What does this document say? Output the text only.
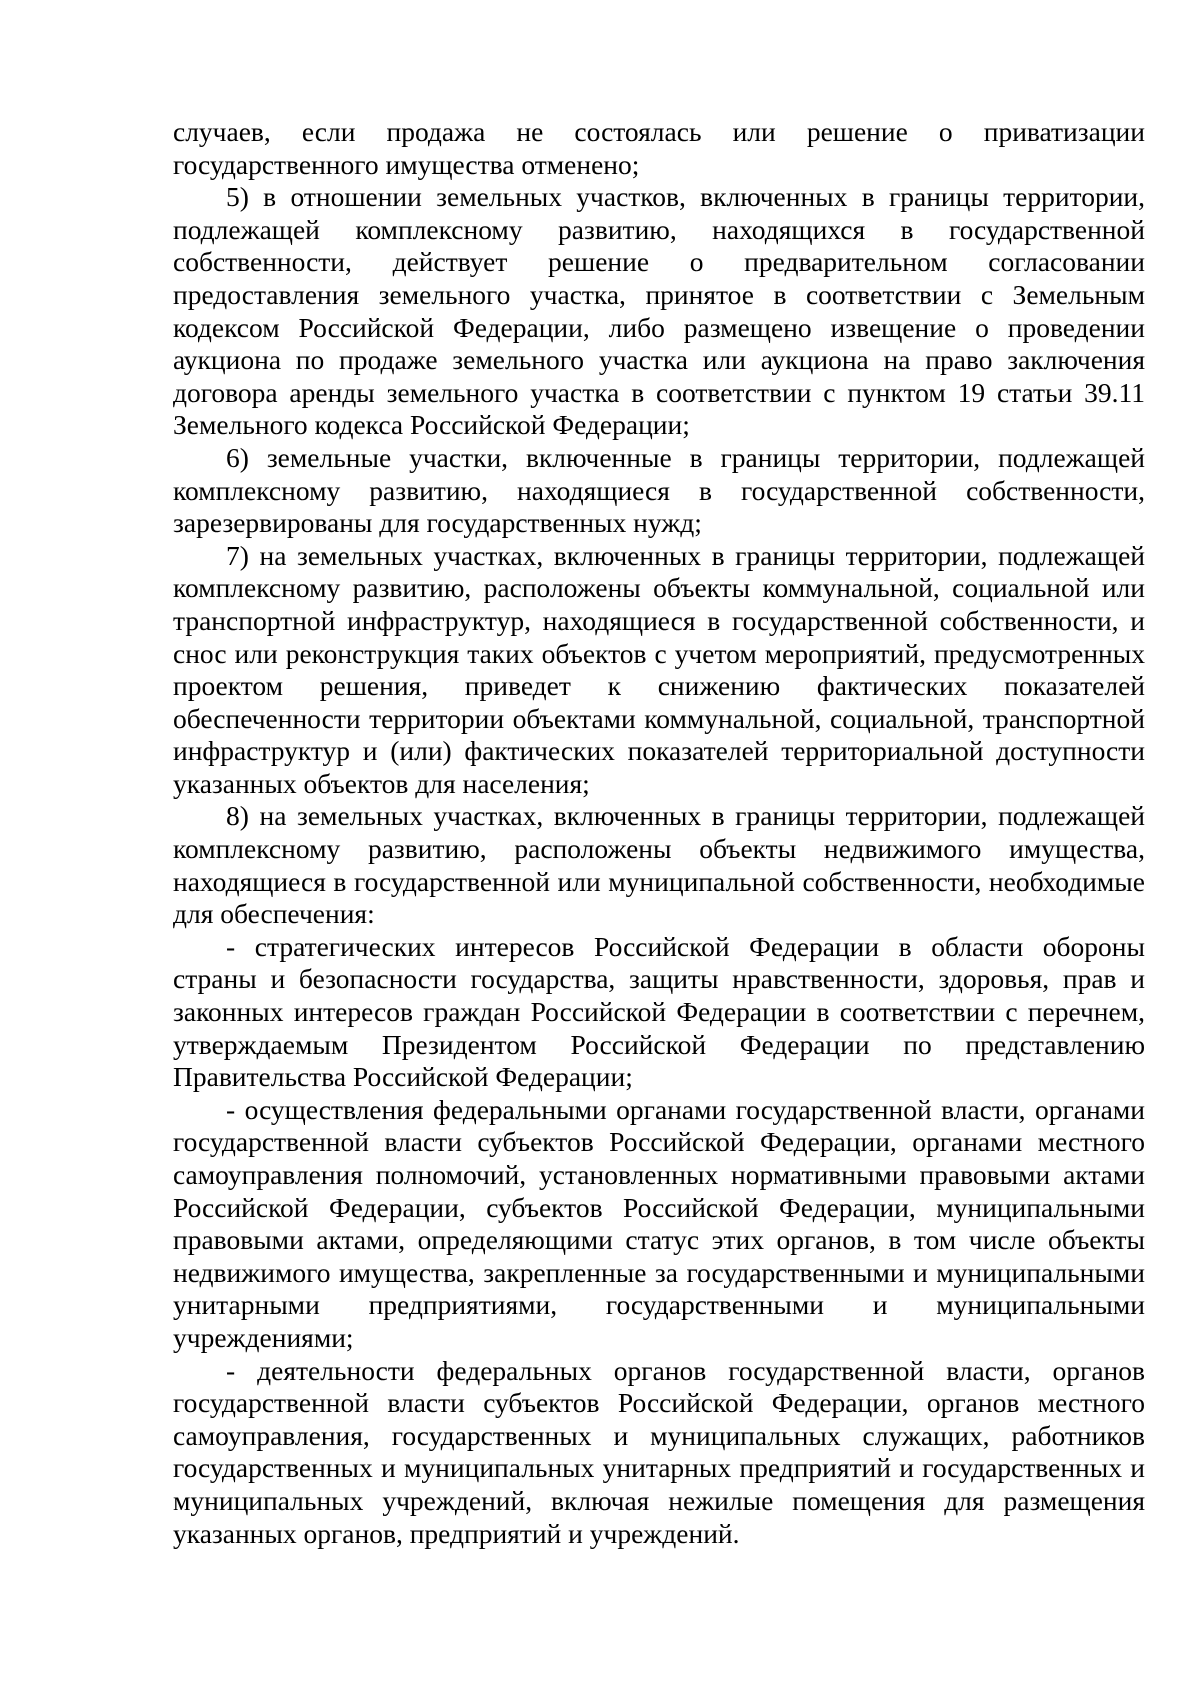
случаев, если продажа не состоялась или решение о приватизации государственного имущества отменено;

5) в отношении земельных участков, включенных в границы территории, подлежащей комплексному развитию, находящихся в государственной собственности, действует решение о предварительном согласовании предоставления земельного участка, принятое в соответствии с Земельным кодексом Российской Федерации, либо размещено извещение о проведении аукциона по продаже земельного участка или аукциона на право заключения договора аренды земельного участка в соответствии с пунктом 19 статьи 39.11 Земельного кодекса Российской Федерации;

6) земельные участки, включенные в границы территории, подлежащей комплексному развитию, находящиеся в государственной собственности, зарезервированы для государственных нужд;

7) на земельных участках, включенных в границы территории, подлежащей комплексному развитию, расположены объекты коммунальной, социальной или транспортной инфраструктур, находящиеся в государственной собственности, и снос или реконструкция таких объектов с учетом мероприятий, предусмотренных проектом решения, приведет к снижению фактических показателей обеспеченности территории объектами коммунальной, социальной, транспортной инфраструктур и (или) фактических показателей территориальной доступности указанных объектов для населения;

8) на земельных участках, включенных в границы территории, подлежащей комплексному развитию, расположены объекты недвижимого имущества, находящиеся в государственной или муниципальной собственности, необходимые для обеспечения:

- стратегических интересов Российской Федерации в области обороны страны и безопасности государства, защиты нравственности, здоровья, прав и законных интересов граждан Российской Федерации в соответствии с перечнем, утверждаемым Президентом Российской Федерации по представлению Правительства Российской Федерации;

- осуществления федеральными органами государственной власти, органами государственной власти субъектов Российской Федерации, органами местного самоуправления полномочий, установленных нормативными правовыми актами Российской Федерации, субъектов Российской Федерации, муниципальными правовыми актами, определяющими статус этих органов, в том числе объекты недвижимого имущества, закрепленные за государственными и муниципальными унитарными предприятиями, государственными и муниципальными учреждениями;

- деятельности федеральных органов государственной власти, органов государственной власти субъектов Российской Федерации, органов местного самоуправления, государственных и муниципальных служащих, работников государственных и муниципальных унитарных предприятий и государственных и муниципальных учреждений, включая нежилые помещения для размещения указанных органов, предприятий и учреждений.
